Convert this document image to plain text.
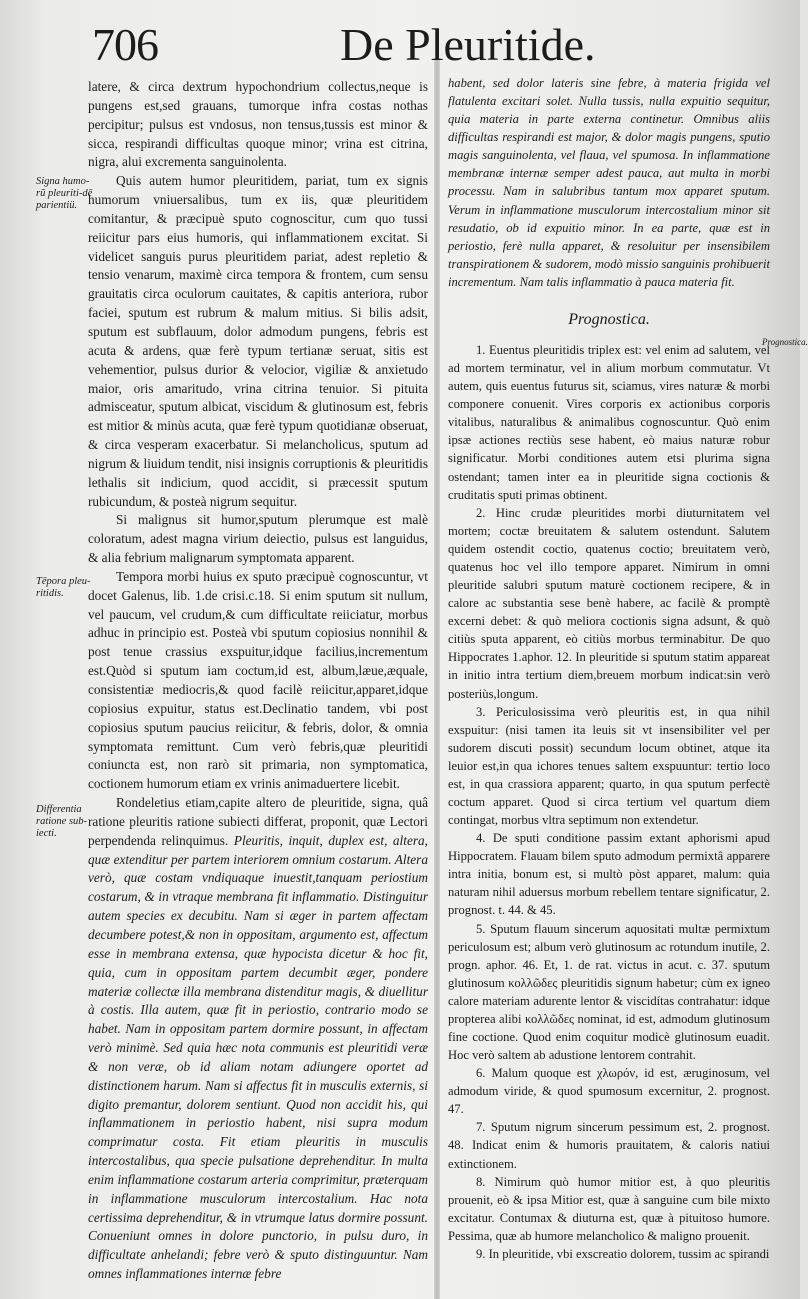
706	De Pleuritide.
Signa humo-rũ pleuriti-dē parientiü.
Tēpora pleu-ritidis.
Differentia ratione sub-iecti.
Prognostica.

latere, & circa dextrum hypochondrium collectus,neque is pungens est,sed grauans, tumorque infra costas nothas percipitur; pulsus est vndosus, non tensus,tussis est minor & sicca, respirandi difficultas quoque minor; vrina est citrina, nigra, alui excrementa sanguinolenta.

Quis autem humor pleuritidem, pariat, tum ex signis humorum vniuersalibus, tum ex iis, quæ pleuritidem comitantur, & præcipuè sputo cognoscitur, cum quo tussi reiicitur pars eius humoris, qui inflammationem excitat. Si videlicet sanguis purus pleuritidem pariat, adest repletio & tensio venarum, maximè circa tempora & frontem, cum sensu grauitatis circa oculorum cauitates, & capitis anteriora, rubor faciei, sputum est rubrum & malum mitius. Si bilis adsit, sputum est subflauum, dolor admodum pungens, febris est acuta & ardens, quæ ferè typum tertianæ seruat, sitis est vehementior, pulsus durior & velocior, vigiliæ & anxietudo maior, oris amaritudo, vrina citrina tenuior. Si pituita admisceatur, sputum albicat, viscidum & glutinosum est, febris est mitior & minùs acuta, quæ ferè typum quotidianæ obseruat, & circa vesperam exacerbatur. Si melancholicus, sputum ad nigrum & liuidum tendit, nisi insignis corruptionis & pleuritidis lethalis sit indicium, quod accidit, si præcessit sputum rubicundum, & posteà nigrum sequitur.

Si malignus sit humor,sputum plerumque est malè coloratum, adest magna virium deiectio, pulsus est languidus, & alia febrium malignarum symptomata apparent.

Tempora morbi huius ex sputo præcipuè cognoscuntur, vt docet Galenus, lib. 1.de crisi.c.18. Si enim sputum sit nullum, vel paucum, vel crudum,& cum difficultate reiiciatur, morbus adhuc in principio est. Posteà vbi sputum copiosius nonnihil & post tenue crassius exspuitur,idque facilius,incrementum est.Quòd si sputum iam coctum,id est, album,læue,æquale, consistentiæ mediocris,& quod facilè reiicitur,apparet,idque copiosius expuitur, status est.Declinatio tandem, vbi post copiosius sputum paucius reiicitur, & febris, dolor, & omnia symptomata remittunt. Cum verò febris,quæ pleuritidi coniuncta est, non rarò sit primaria, non symptomatica, coctionem humorum etiam ex vrinis animaduertere licebit.

Rondeletius etiam,capite altero de pleuritide, signa, quâ ratione pleuritis ratione subiecti differat, proponit, quæ Lectori perpendenda relinquimus. Pleuritis, inquit, duplex est, altera, quæ extenditur per partem interiorem omnium costarum. Altera verò, quæ costam vndiquaque inuestit,tanquam periostium costarum, & in vtraque membrana fit inflammatio. Distinguitur autem species ex decubitu. Nam si æger in partem affectam decumbere potest,& non in oppositam, argumento est, affectum esse in membrana extensa, quæ hypocista dicetur & hoc fit, quia, cum in oppositam partem decumbit æger, pondere materiæ collectæ illa membrana distenditur magis, & diuellitur à costis. Illa autem, quæ fit in periostio, contrario modo se habet. Nam in oppositam partem dormire possunt, in affectam verò minimè. Sed quia hæc nota communis est pleuritidi veræ & non veræ, ob id aliam notam adiungere oportet ad distinctionem harum. Nam si affectus fit in musculis externis, si digito premantur, dolorem sentiunt. Quod non accidit his, qui inflammationem in periostio habent, nisi supra modum comprimatur costa. Fit etiam pleuritis in musculis intercostalibus, qua specie pulsatione deprehenditur. In multa enim inflammatione costarum arteria comprimitur, præterquam in inflammatione musculorum intercostalium. Hac nota certissima deprehenditur, & in vtrumque latus dormire possunt. Conueniunt omnes in dolore punctorio, in pulsu duro, in difficultate anhelandi; febre verò & sputo distinguuntur. Nam omnes inflammationes internæ febre

habent, sed dolor lateris sine febre, à materia frigida vel flatulenta excitari solet. Nulla tussis, nulla expuitio sequitur, quia materia in parte externa continetur. Omnibus aliis difficultas respirandi est major, & dolor magis pungens, sputio magis sanguinolenta, vel flaua, vel spumosa. In inflammatione membranæ internæ semper adest pauca, aut multa in morbi processu. Nam in salubribus tantum mox apparet sputum. Verum in inflammatione musculorum intercostalium minor sit resudatio, ob id expuitio minor. In ea parte, quæ est in periostio, ferè nulla apparet, & resoluitur per insensibilem transpirationem & sudorem, modò missio sanguinis prohibuerit incrementum. Nam talis inflammatio à pauca materia fit.

Prognostica.

1. Euentus pleuritidis triplex est: vel enim ad salutem, vel ad mortem terminatur, vel in alium morbum commutatur. Vt autem, quis euentus futurus sit, sciamus, vires naturæ & morbi componere conuenit. Vires corporis ex actionibus corporis vitalibus, naturalibus & animalibus cognoscuntur. Quò enim ipsæ actiones rectiùs sese habent, eò maius naturæ robur significatur. Morbi conditiones autem etsi plurima signa ostendant; tamen inter ea in pleuritide signa coctionis & cruditatis sputi primas obtinent.

2. Hinc crudæ pleuritides morbi diuturnitatem vel mortem; coctæ breuitatem & salutem ostendunt. Salutem quidem ostendit coctio, quatenus coctio; breuitatem verò, quatenus hoc vel illo tempore apparet. Nimirum in omni pleuritide salubri sputum maturè coctionem recipere, & in calore ac substantia sese benè habere, ac facilè & promptè excerni debet: & quò meliora coctionis signa adsunt, & quò citiùs sputa apparent, eò citiùs morbus terminabitur. De quo Hippocrates 1.aphor. 12. In pleuritide si sputum statim appareat in initio intra tertium diem,breuem morbum indicat:sin verò posteriùs,longum.

3. Periculosissima verò pleuritis est, in qua nihil exspuitur: (nisi tamen ita leuis sit vt insensibiliter vel per sudorem discuti possit) secundum locum obtinet, atque ita leuior est,in qua ichores tenues saltem exspuuntur: tertio loco est, in qua crassiora apparent; quarto, in qua sputum perfectè coctum apparet. Quod si circa tertium vel quartum diem contingat, morbus vltra septimum non extendetur.

4. De sputi conditione passim extant aphorismi apud Hippocratem. Flauam bilem sputo admodum permixtâ apparere intra initia, bonum est, si multò pòst apparet, malum: quia naturam nihil aduersus morbum rebellem tentare significatur, 2. prognost. t. 44. & 45.

5. Sputum flauum sincerum aquositati multæ permixtum periculosum est; album verò glutinosum ac rotundum inutile, 2. progn. aphor. 46. Et, 1. de rat. victus in acut. c. 37. sputum glutinosum κολλῶδες pleuritidis signum habetur; cùm ex igneo calore materiam adurente lentor & viscidítas contrahatur: idque propterea alibi κολλῶδες nominat, id est, admodum glutinosum fine coctione. Quod enim coquitur modicè glutinosum euadit. Hoc verò saltem ab adustione lentorem contrahit.

6. Malum quoque est χλωρόν, id est, æruginosum, vel admodum viride, & quod spumosum excernitur, 2. prognost. 47.

7. Sputum nigrum sincerum pessimum est, 2. prognost. 48. Indicat enim & humoris prauitatem, & caloris natiui extinctionem.

8. Nimirum quò humor mitior est, à quo pleuritis prouenit, eò & ipsa Mitior est, quæ à sanguine cum bile mixto excitatur. Contumax & diuturna est, quæ à pituitoso humore. Pessima, quæ ab humore melancholico & maligno prouenit.

9. In pleuritide, vbi exscreatio dolorem, tussim ac spirandi
